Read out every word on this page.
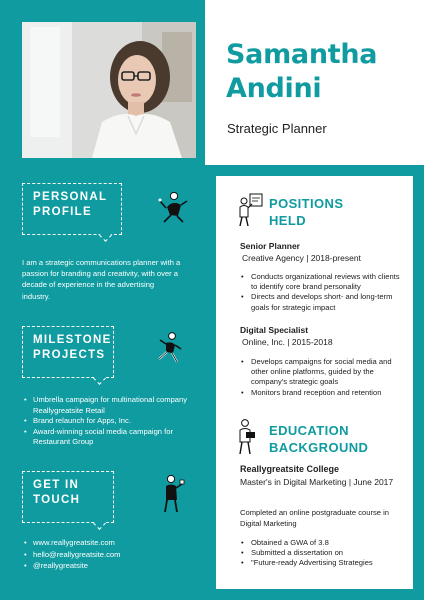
PERSONAL
PROFILE

I am a strategic communications planner with a passion for branding and creativity, with over a decade of experience in the advertising industry.

MILESTONE
PROJECTS
• Umbrella campaign for multinational company Reallygreatsite Retail
• Brand relaunch for Apps, Inc.
• Award-winning social media campaign for Restaurant Group
GET IN
TOUCH
• www.reallygreatsite.com
• hello@reallygreatsite.com
• @reallygreatsite
Samantha
Andini
Strategic Planner
POSITIONS
HELD
Senior Planner
Creative Agency | 2018-present
• Conducts organizational reviews with clients to identify core brand personality
• Directs and develops short- and long-term goals for strategic impact
Digital Specialist
Online, Inc. | 2015-2018
• Develops campaigns for social media and other online platforms, guided by the company's strategic goals
• Monitors brand reception and retention
EDUCATION
BACKGROUND
Reallygreatsite College
Master's in Digital Marketing | June 2017
Completed an online postgraduate course in Digital Marketing
• Obtained a GWA of 3.8
• Submitted a dissertation on
• "Future-ready Advertising Strategies
